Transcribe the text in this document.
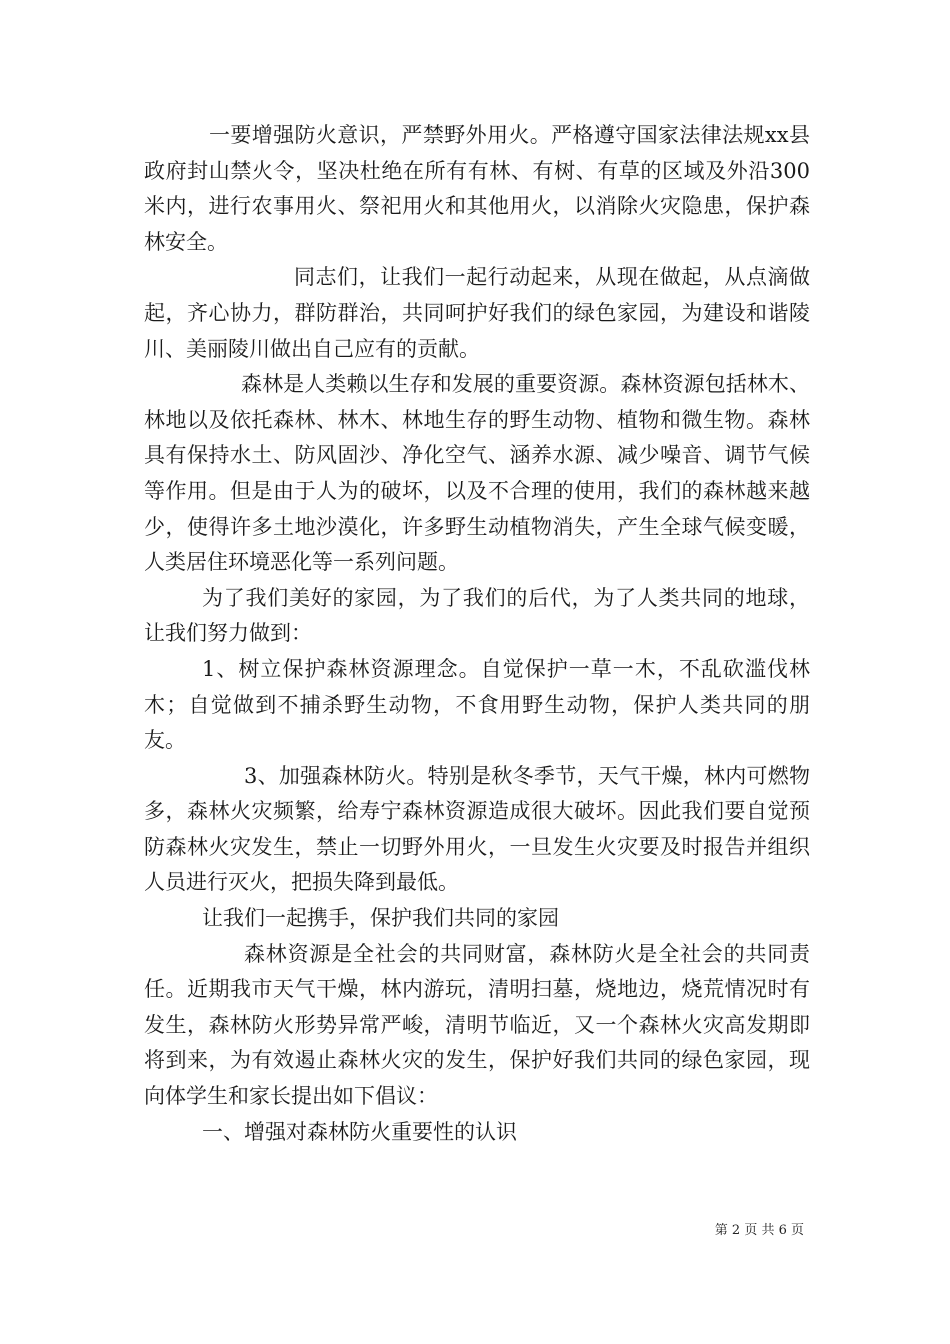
一要增强防火意识，严禁野外用火。严格遵守国家法律法规xx县政府封山禁火令，坚决杜绝在所有有林、有树、有草的区域及外沿300米内，进行农事用火、祭祀用火和其他用火，以消除火灾隐患，保护森林安全。

同志们，让我们一起行动起来，从现在做起，从点滴做起，齐心协力，群防群治，共同呵护好我们的绿色家园，为建设和谐陵川、美丽陵川做出自己应有的贡献。

森林是人类赖以生存和发展的重要资源。森林资源包括林木、林地以及依托森林、林木、林地生存的野生动物、植物和微生物。森林具有保持水土、防风固沙、净化空气、涵养水源、减少噪音、调节气候等作用。但是由于人为的破坏，以及不合理的使用，我们的森林越来越少，使得许多土地沙漠化，许多野生动植物消失，产生全球气候变暖，人类居住环境恶化等一系列问题。

为了我们美好的家园，为了我们的后代，为了人类共同的地球，让我们努力做到：

1、树立保护森林资源理念。自觉保护一草一木，不乱砍滥伐林木；自觉做到不捕杀野生动物，不食用野生动物，保护人类共同的朋友。

3、加强森林防火。特别是秋冬季节，天气干燥，林内可燃物多，森林火灾频繁，给寿宁森林资源造成很大破坏。因此我们要自觉预防森林火灾发生，禁止一切野外用火，一旦发生火灾要及时报告并组织人员进行灭火，把损失降到最低。

让我们一起携手，保护我们共同的家园

森林资源是全社会的共同财富，森林防火是全社会的共同责任。近期我市天气干燥，林内游玩，清明扫墓，烧地边，烧荒情况时有发生，森林防火形势异常严峻，清明节临近，又一个森林火灾高发期即将到来，为有效遏止森林火灾的发生，保护好我们共同的绿色家园，现向体学生和家长提出如下倡议：

一、增强对森林防火重要性的认识

第 2 页 共 6 页
